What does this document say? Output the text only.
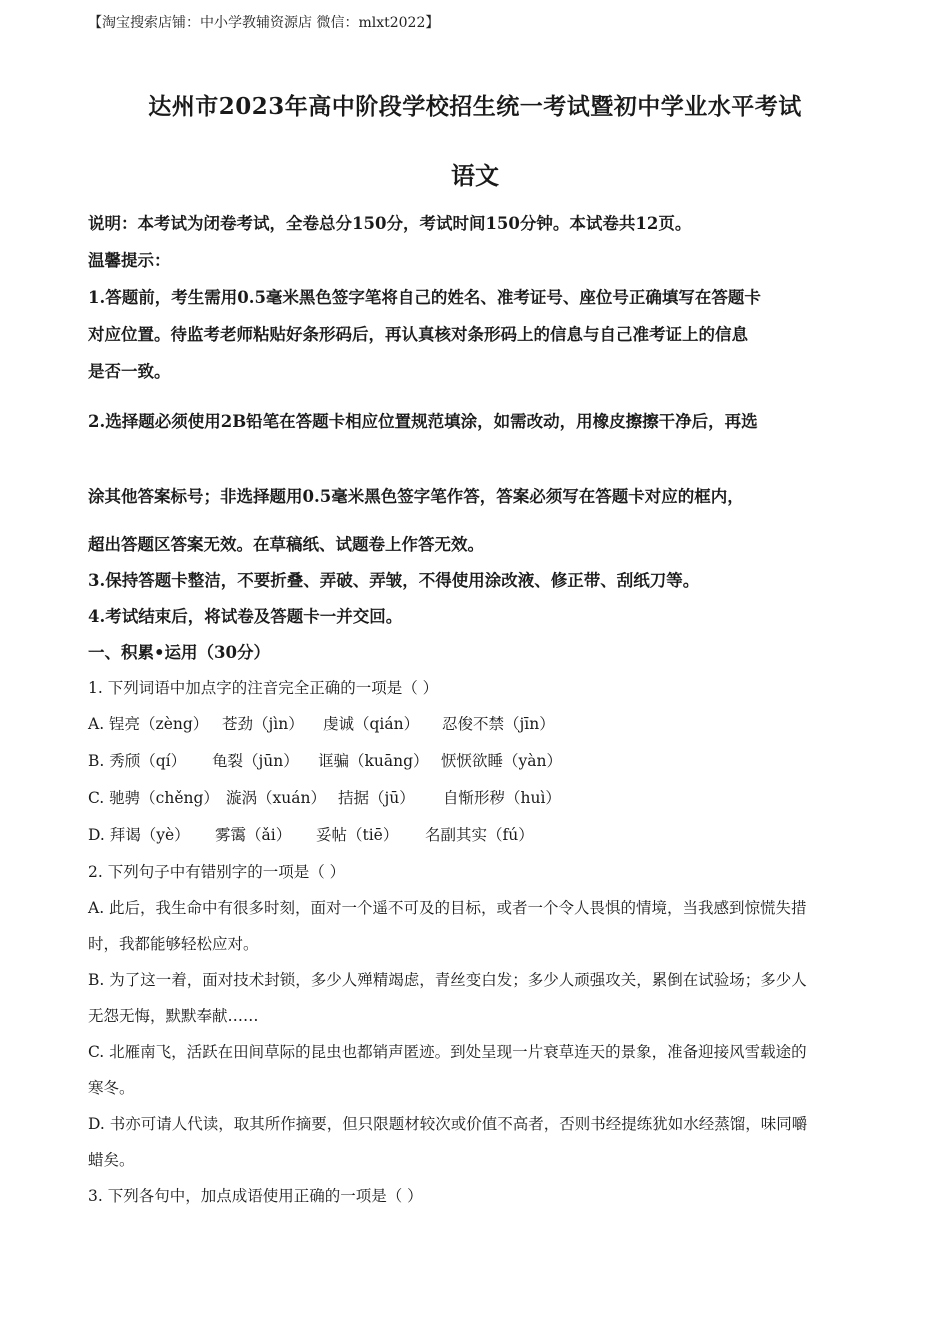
【淘宝搜索店铺：中小学教辅资源店 微信：mlxt2022】
达州市2023年高中阶段学校招生统一考试暨初中学业水平考试
语文
说明：本考试为闭卷考试，全卷总分150分，考试时间150分钟。本试卷共12页。
温馨提示：
1.答题前，考生需用0.5毫米黑色签字笔将自己的姓名、准考证号、座位号正确填写在答题卡
对应位置。待监考老师粘贴好条形码后，再认真核对条形码上的信息与自己准考证上的信息
是否一致。
2.选择题必须使用2B铅笔在答题卡相应位置规范填涂，如需改动，用橡皮擦擦干净后，再选
涂其他答案标号；非选择题用0.5毫米黑色签字笔作答，答案必须写在答题卡对应的框内，
超出答题区答案无效。在草稿纸、试题卷上作答无效。
3.保持答题卡整洁，不要折叠、弄破、弄皱，不得使用涂改液、修正带、刮纸刀等。
4.考试结束后，将试卷及答题卡一并交回。
一、积累•运用（30分）
1. 下列词语中加点字的注音完全正确的一项是（ ）
A. 锃亮（zèng） 苍劲（jìn） 虔诚（qián） 忍俊不禁（jīn）
B. 秀颀（qí） 龟裂（jūn） 诓骗（kuāng） 恹恹欲睡（yàn）
C. 驰骋（chěng） 漩涡（xuán） 拮据（jū） 自惭形秽（huì）
D. 拜谒（yè） 雾霭（ǎi） 妥帖（tiē） 名副其实（fú）
2. 下列句子中有错别字的一项是（ ）
A. 此后，我生命中有很多时刻，面对一个遥不可及的目标，或者一个令人畏惧的情境，当我感到惊慌失措
时，我都能够轻松应对。
B. 为了这一着，面对技术封锁，多少人殚精竭虑，青丝变白发；多少人顽强攻关，累倒在试验场；多少人
无怨无悔，默默奉献……
C. 北雁南飞，活跃在田间草际的昆虫也都销声匿迹。到处呈现一片衰草连天的景象，准备迎接风雪载途的
寒冬。
D. 书亦可请人代读，取其所作摘要，但只限题材较次或价值不高者，否则书经提练犹如水经蒸馏，味同嚼
蜡矣。
3. 下列各句中，加点成语使用正确的一项是（ ）
